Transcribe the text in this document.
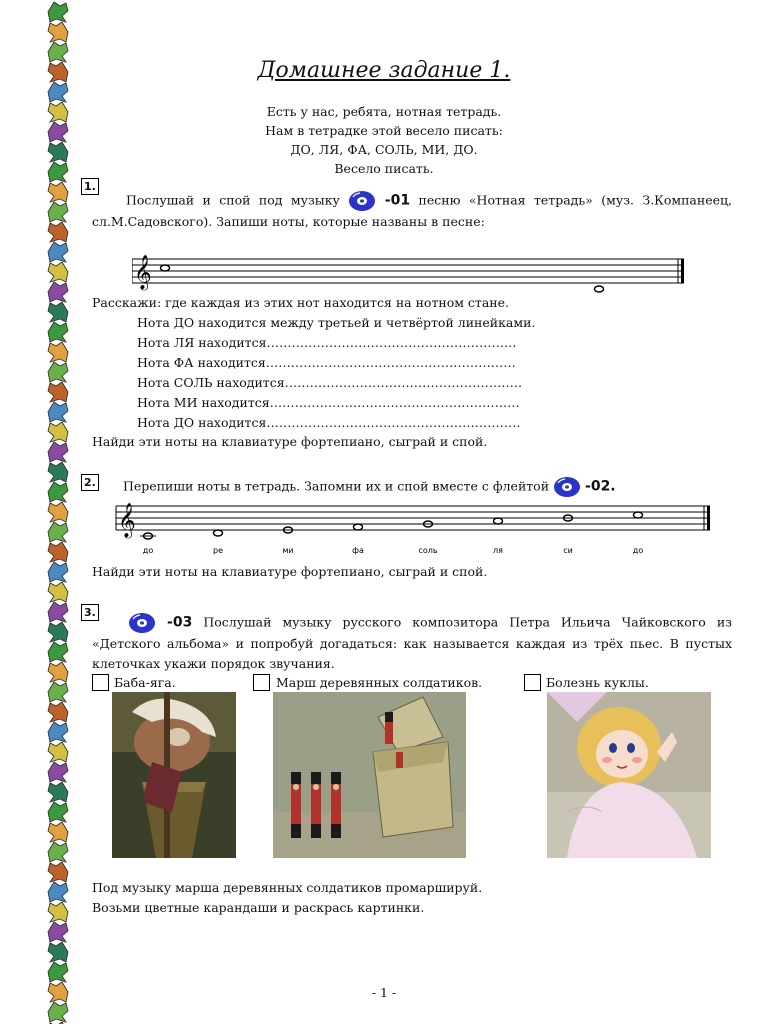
Домашнее задание 1.
Есть у нас, ребята, нотная тетрадь.
Нам в тетрадке этой весело писать:
ДО, ЛЯ, ФА, СОЛЬ, МИ, ДО.
Весело писать.
1.
Послушай и спой под музыку	-01 песню «Нотная тетрадь» (муз. З.Компанеец, сл.М.Садовского). Запиши ноты, которые названы в песне:
𝄞
Расскажи: где каждая из этих нот находится на нотном стане.
Нота ДО находится между третьей и четвёртой линейками.
Нота ЛЯ находится……………………………………………………
Нота ФА находится……………………………………………………
Нота СОЛЬ находится…………………………………………………
Нота МИ находится……………………………………………………
Нота ДО находится…………………………………………………….
Найди эти ноты на клавиатуре фортепиано, сыграй и спой.
2. Перепиши ноты в тетрадь. Запомни их и спой вместе с флейтой	-02.
𝄞
до	ре	ми	фа	соль	ля	си	до
Найди эти ноты на клавиатуре фортепиано, сыграй и спой.
3.
-03 Послушай музыку русского композитора Петра Ильича Чайковского из «Детского альбома» и попробуй догадаться: как называется каждая из трёх пьес. В пустых клеточках укажи порядок звучания.
Баба-яга.	Марш деревянных солдатиков.	Болезнь куклы.
Под музыку марша деревянных солдатиков промаршируй.
Возьми цветные карандаши и раскрась картинки.
- 1 -
